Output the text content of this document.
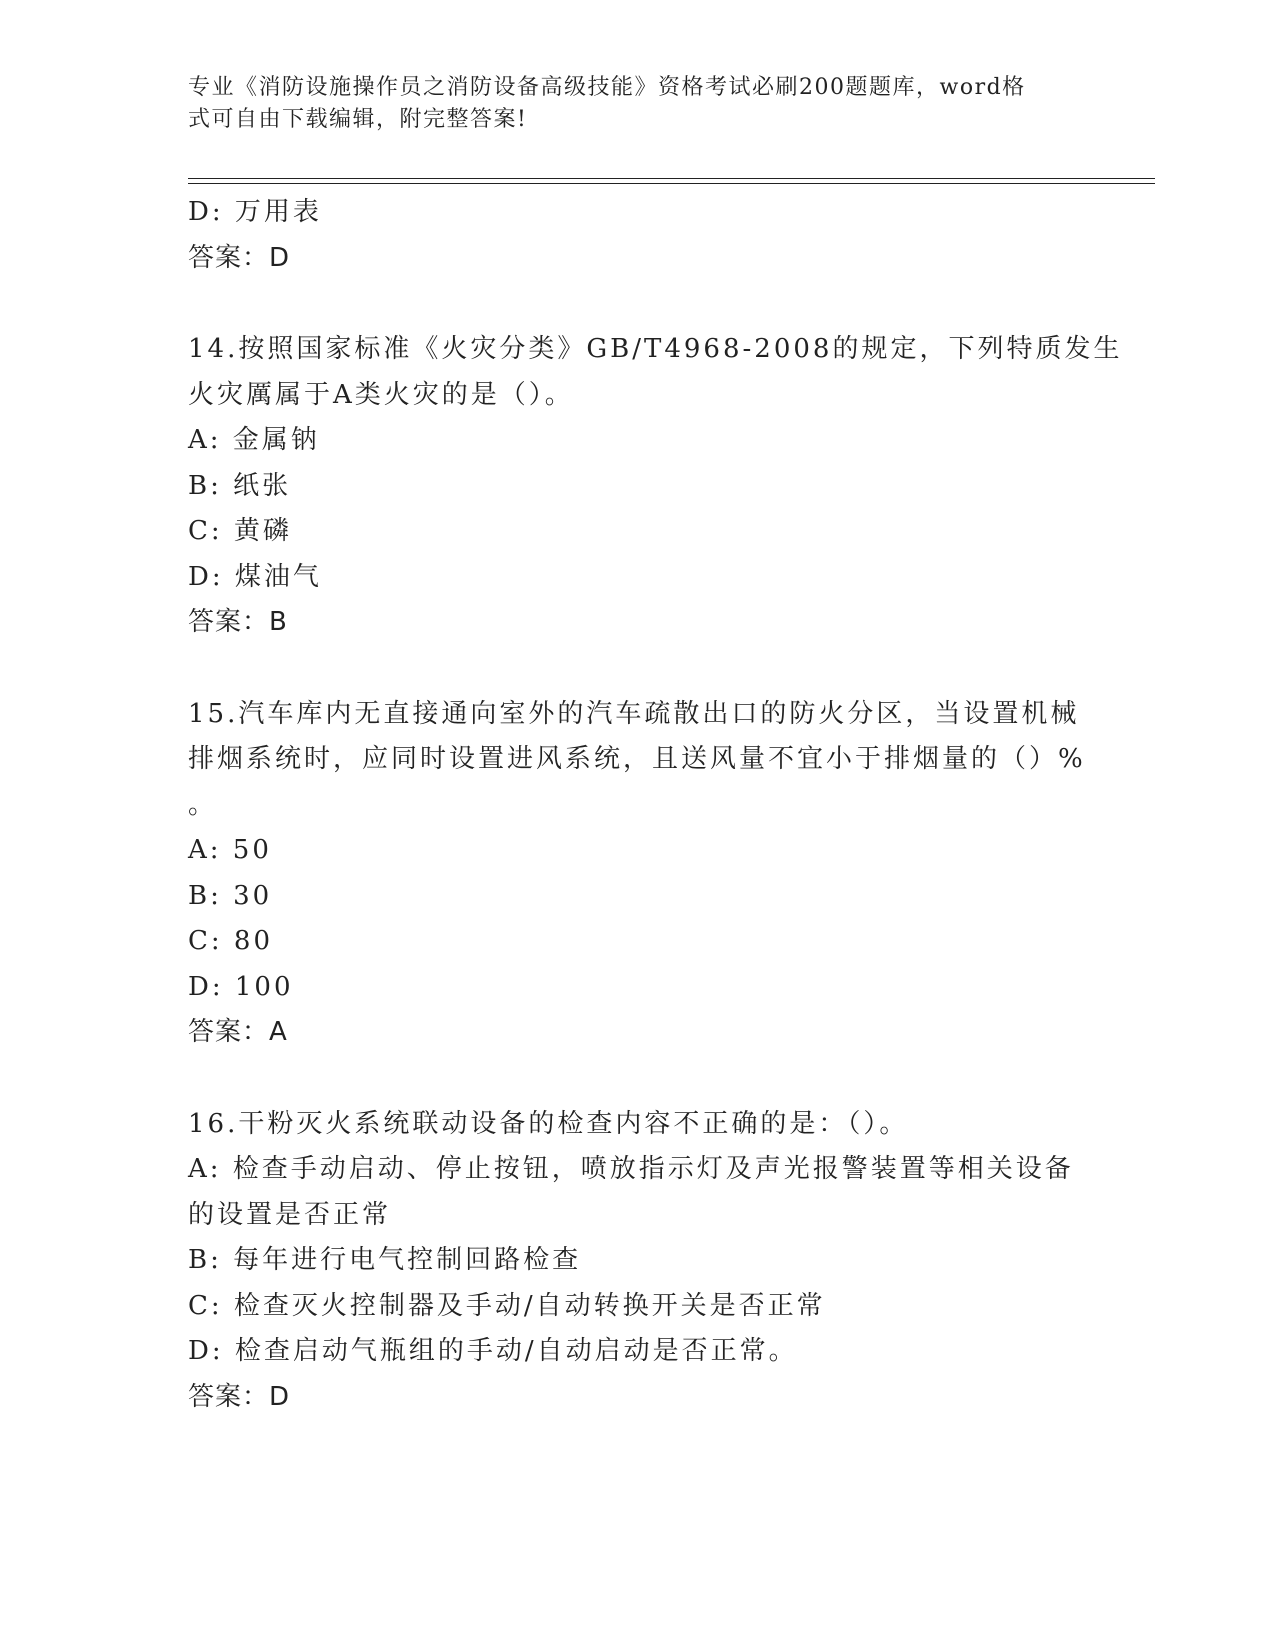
专业《消防设施操作员之消防设备高级技能》资格考试必刷200题题库，word格
式可自由下载编辑，附完整答案!
D: 万用表
答案：D
14.按照国家标准《火灾分类》GB/T4968-2008的规定，下列特质发生
火灾厲属于A类火灾的是（）。
A: 金属钠
B: 纸张
C: 黄磷
D: 煤油气
答案：B
15.汽车库内无直接通向室外的汽车疏散出口的防火分区，当设置机械
排烟系统时，应同时设置进风系统，且送风量不宜小于排烟量的（）%
。
A: 50
B: 30
C: 80
D: 100
答案：A
16.干粉灭火系统联动设备的检查内容不正确的是：（）。
A: 检查手动启动、停止按钮，喷放指示灯及声光报警装置等相关设备
的设置是否正常
B: 每年进行电气控制回路检查
C: 检查灭火控制器及手动/自动转换开关是否正常
D: 检查启动气瓶组的手动/自动启动是否正常。
答案：D
